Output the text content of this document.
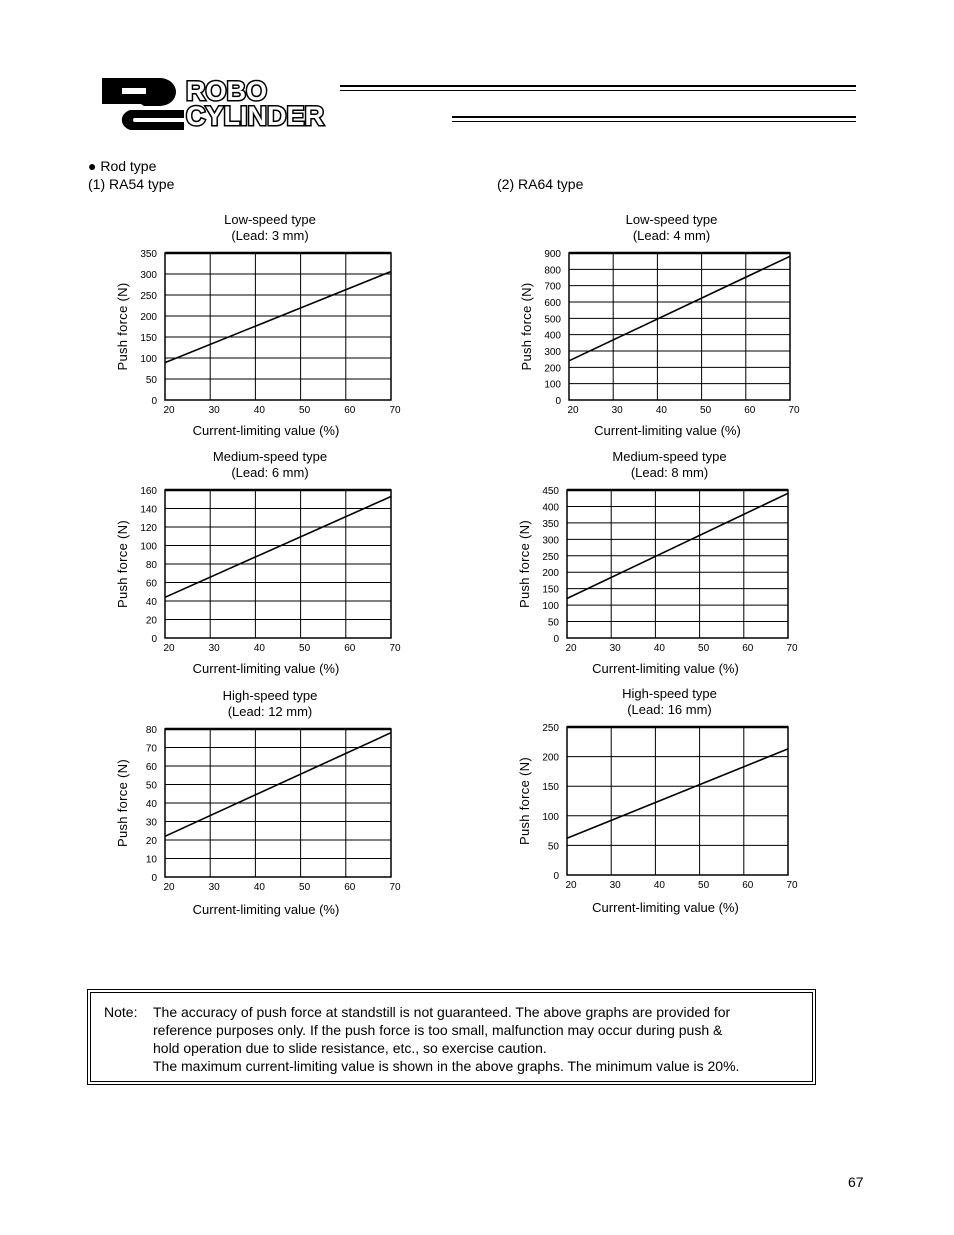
ROBO
CYLINDER
● Rod type
(1) RA54 type	(2) RA64 type
0
50
100
150
200
250
300
350
20	30	40	50	60	70
Low-speed type
(Lead: 3 mm)
Current-limiting value (%)
Push force (N)
0
100
200
300
400
500
600
700
800
900
20	30	40	50	60	70
Low-speed type
(Lead: 4 mm)
Current-limiting value (%)
Push force (N)
0
20
40
60
80
100
120
140
160
20	30	40	50	60	70
Medium-speed type
(Lead: 6 mm)
Current-limiting value (%)
Push force (N)
0
50
100
150
200
250
300
350
400
450
20	30	40	50	60	70
Medium-speed type
(Lead: 8 mm)
Current-limiting value (%)
Push force (N)
0
10
20
30
40
50
60
70
80
20	30	40	50	60	70
High-speed type
(Lead: 12 mm)
Current-limiting value (%)
Push force (N)
0
50
100
150
200
250
20	30	40	50	60	70
High-speed type
(Lead: 16 mm)
Current-limiting value (%)
Push force (N)
Note: The accuracy of push force at standstill is not guaranteed. The above graphs are provided for
reference purposes only. If the push force is too small, malfunction may occur during push &
hold operation due to slide resistance, etc., so exercise caution.
The maximum current-limiting value is shown in the above graphs. The minimum value is 20%.
67
